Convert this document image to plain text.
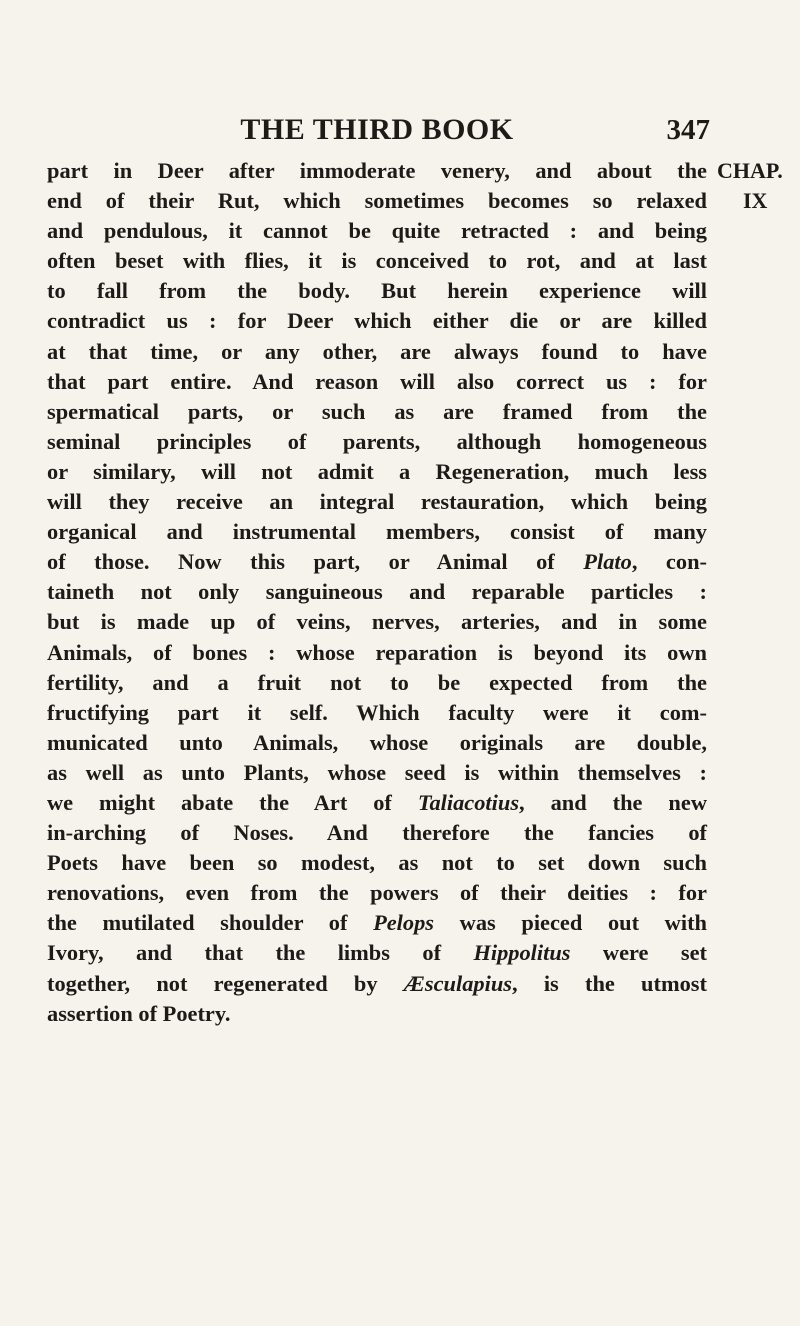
THE THIRD BOOK	347
CHAP.
IX
part in Deer after immoderate venery, and about the
end of their Rut, which sometimes becomes so relaxed
and pendulous, it cannot be quite retracted : and being
often beset with flies, it is conceived to rot, and at last
to fall from the body. But herein experience will
contradict us : for Deer which either die or are killed
at that time, or any other, are always found to have
that part entire. And reason will also correct us : for
spermatical parts, or such as are framed from the
seminal principles of parents, although homogeneous
or similary, will not admit a Regeneration, much less
will they receive an integral restauration, which being
organical and instrumental members, consist of many
of those. Now this part, or Animal of Plato, con-
taineth not only sanguineous and reparable particles :
but is made up of veins, nerves, arteries, and in some
Animals, of bones : whose reparation is beyond its own
fertility, and a fruit not to be expected from the
fructifying part it self. Which faculty were it com-
municated unto Animals, whose originals are double,
as well as unto Plants, whose seed is within themselves :
we might abate the Art of Taliacotius, and the new
in-arching of Noses. And therefore the fancies of
Poets have been so modest, as not to set down such
renovations, even from the powers of their deities : for
the mutilated shoulder of Pelops was pieced out with
Ivory, and that the limbs of Hippolitus were set
together, not regenerated by Æsculapius, is the utmost
assertion of Poetry.
